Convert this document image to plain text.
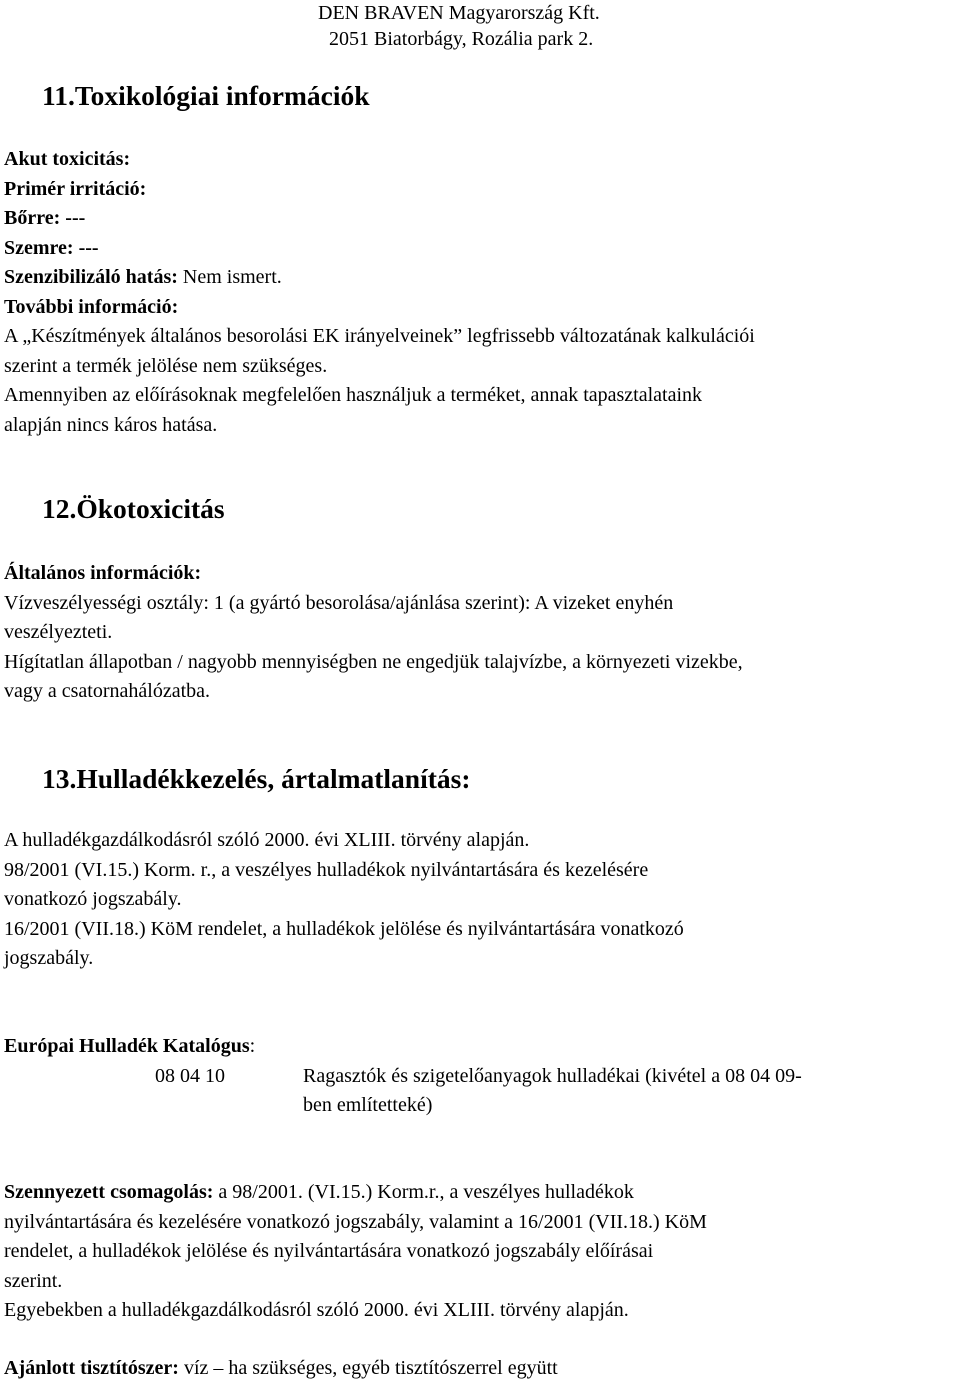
DEN BRAVEN Magyarország Kft.
2051 Biatorbágy, Rozália park 2.
11.Toxikológiai információk
Akut toxicitás:
Primér irritáció:
Bőrre: ---
Szemre: ---
Szenzibilizáló hatás: Nem ismert.
További információ:
A „Készítmények általános besorolási EK irányelveinek” legfrissebb változatának kalkulációi
szerint a termék jelölése nem szükséges.
Amennyiben az előírásoknak megfelelően használjuk a terméket, annak tapasztalataink
alapján nincs káros hatása.
12.Ökotoxicitás
Általános információk:
Vízveszélyességi osztály: 1 (a gyártó besorolása/ajánlása szerint): A vizeket enyhén
veszélyezteti.
Hígítatlan állapotban / nagyobb mennyiségben ne engedjük talajvízbe, a környezeti vizekbe,
vagy a csatornahálózatba.
13.Hulladékkezelés, ártalmatlanítás:
A hulladékgazdálkodásról szóló 2000. évi XLIII. törvény alapján.
98/2001 (VI.15.) Korm. r., a veszélyes hulladékok nyilvántartására és kezelésére
vonatkozó jogszabály.
16/2001 (VII.18.) KöM rendelet, a hulladékok jelölése és nyilvántartására vonatkozó
jogszabály.
Európai Hulladék Katalógus:
08 04 10	Ragasztók és szigetelőanyagok hulladékai (kivétel a 08 04 09-
ben említetteké)
Szennyezett csomagolás: a 98/2001. (VI.15.) Korm.r., a veszélyes hulladékok
nyilvántartására és kezelésére vonatkozó jogszabály, valamint a 16/2001 (VII.18.) KöM
rendelet, a hulladékok jelölése és nyilvántartására vonatkozó jogszabály előírásai
szerint.
Egyebekben a hulladékgazdálkodásról szóló 2000. évi XLIII. törvény alapján.
Ajánlott tisztítószer: víz – ha szükséges, egyéb tisztítószerrel együtt
